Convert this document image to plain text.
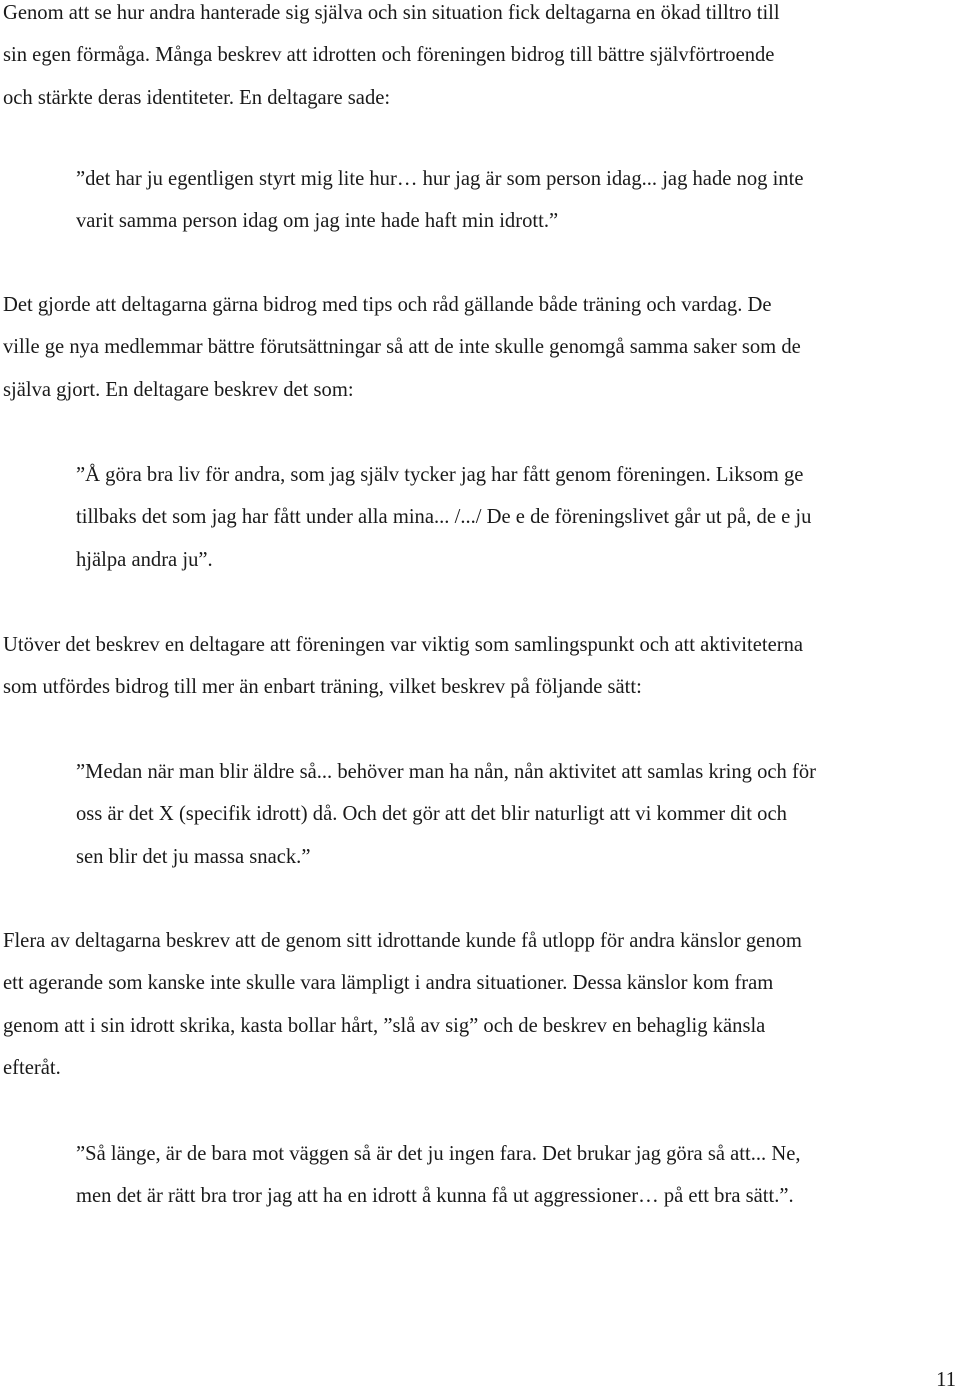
Genom att se hur andra hanterade sig själva och sin situation fick deltagarna en ökad tilltro till
sin egen förmåga. Många beskrev att idrotten och föreningen bidrog till bättre självförtroende
och stärkte deras identiteter. En deltagare sade:
”det har ju egentligen styrt mig lite hur… hur jag är som person idag... jag hade nog inte
varit samma person idag om jag inte hade haft min idrott.”
Det gjorde att deltagarna gärna bidrog med tips och råd gällande både träning och vardag. De
ville ge nya medlemmar bättre förutsättningar så att de inte skulle genomgå samma saker som de
själva gjort. En deltagare beskrev det som:
”Å göra bra liv för andra, som jag själv tycker jag har fått genom föreningen. Liksom ge
tillbaks det som jag har fått under alla mina... /.../ De e de föreningslivet går ut på, de e ju
hjälpa andra ju”.
Utöver det beskrev en deltagare att föreningen var viktig som samlingspunkt och att aktiviteterna
som utfördes bidrog till mer än enbart träning, vilket beskrev på följande sätt:
”Medan när man blir äldre så... behöver man ha nån, nån aktivitet att samlas kring och för
oss är det X (specifik idrott) då. Och det gör att det blir naturligt att vi kommer dit och
sen blir det ju massa snack.”
Flera av deltagarna beskrev att de genom sitt idrottande kunde få utlopp för andra känslor genom
ett agerande som kanske inte skulle vara lämpligt i andra situationer. Dessa känslor kom fram
genom att i sin idrott skrika, kasta bollar hårt, ”slå av sig” och de beskrev en behaglig känsla
efteråt.
”Så länge, är de bara mot väggen så är det ju ingen fara. Det brukar jag göra så att... Ne,
men det är rätt bra tror jag att ha en idrott å kunna få ut aggressioner… på ett bra sätt.”.

11
